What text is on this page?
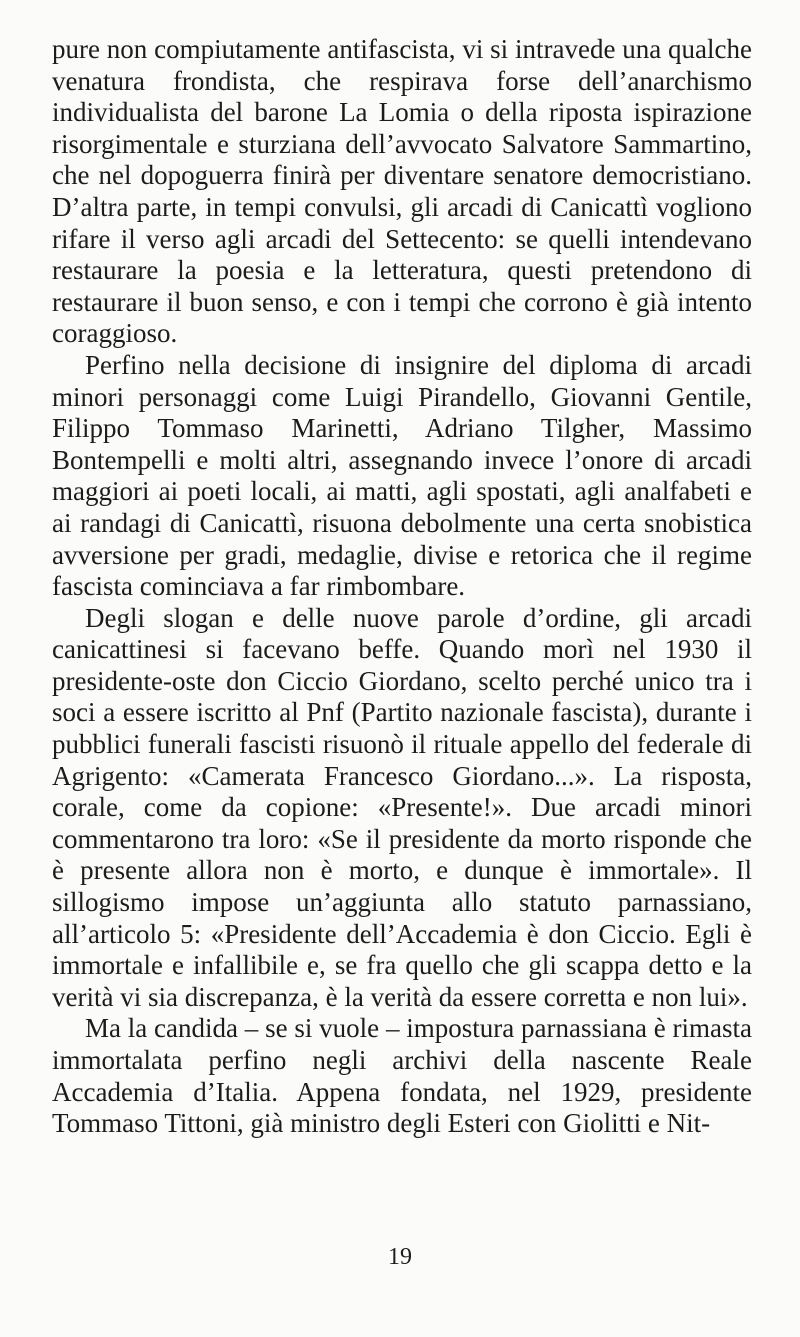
pure non compiutamente antifascista, vi si intravede una qualche venatura frondista, che respirava forse dell’anarchismo individualista del barone La Lomia o della riposta ispirazione risorgimentale e sturziana dell’avvocato Salvatore Sammartino, che nel dopoguerra finirà per diventare senatore democristiano. D’altra parte, in tempi convulsi, gli arcadi di Canicattì vogliono rifare il verso agli arcadi del Settecento: se quelli intendevano restaurare la poesia e la letteratura, questi pretendono di restaurare il buon senso, e con i tempi che corrono è già intento coraggioso.

Perfino nella decisione di insignire del diploma di arcadi minori personaggi come Luigi Pirandello, Giovanni Gentile, Filippo Tommaso Marinetti, Adriano Tilgher, Massimo Bontempelli e molti altri, assegnando invece l’onore di arcadi maggiori ai poeti locali, ai matti, agli spostati, agli analfabeti e ai randagi di Canicattì, risuona debolmente una certa snobistica avversione per gradi, medaglie, divise e retorica che il regime fascista cominciava a far rimbombare.

Degli slogan e delle nuove parole d’ordine, gli arcadi canicattinesi si facevano beffe. Quando morì nel 1930 il presidente-oste don Ciccio Giordano, scelto perché unico tra i soci a essere iscritto al Pnf (Partito nazionale fascista), durante i pubblici funerali fascisti risuonò il rituale appello del federale di Agrigento: «Camerata Francesco Giordano...». La risposta, corale, come da copione: «Presente!». Due arcadi minori commentarono tra loro: «Se il presidente da morto risponde che è presente allora non è morto, e dunque è immortale». Il sillogismo impose un’aggiunta allo statuto parnassiano, all’articolo 5: «Presidente dell’Accademia è don Ciccio. Egli è immortale e infallibile e, se fra quello che gli scappa detto e la verità vi sia discrepanza, è la verità da essere corretta e non lui».

Ma la candida – se si vuole – impostura parnassiana è rimasta immortalata perfino negli archivi della nascente Reale Accademia d’Italia. Appena fondata, nel 1929, presidente Tommaso Tittoni, già ministro degli Esteri con Giolitti e Nit-

19
